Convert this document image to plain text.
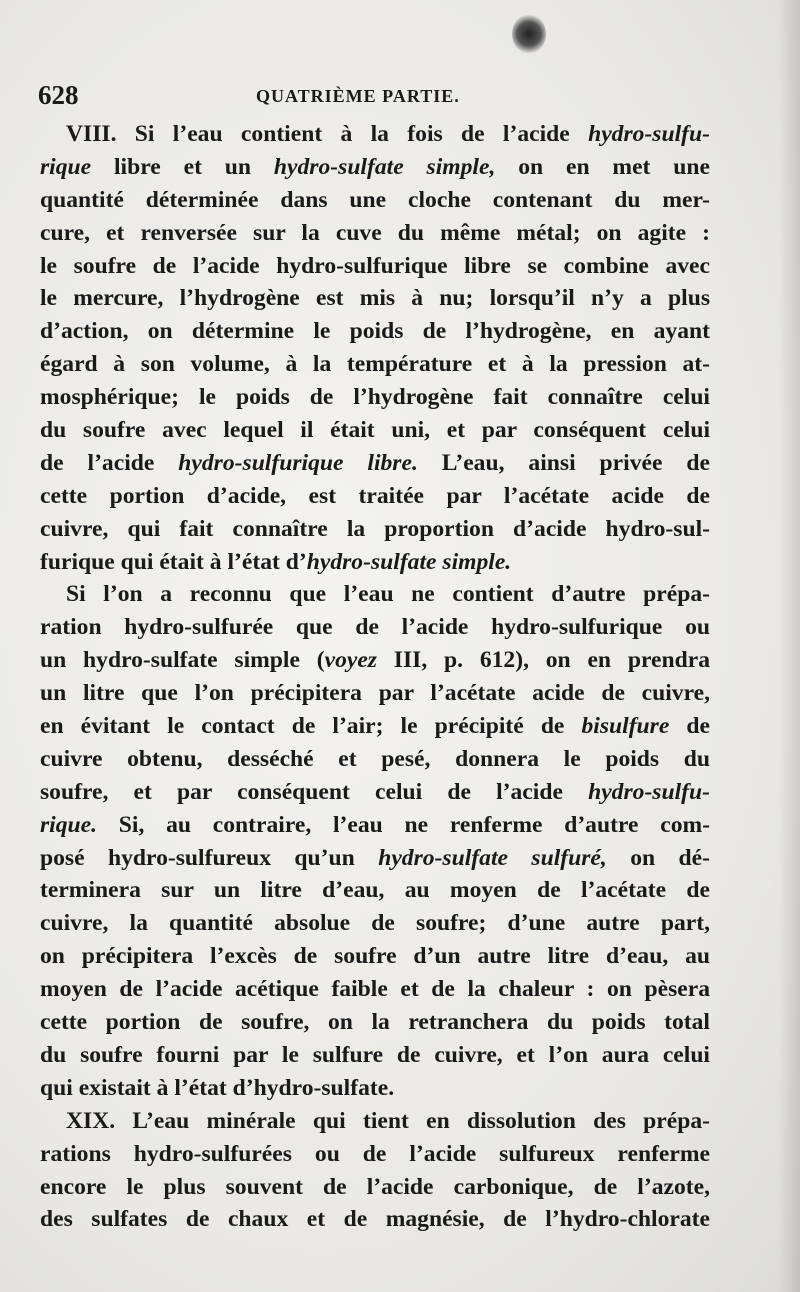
628	QUATRIÈME PARTIE.
VIII. Si l’eau contient à la fois de l’acide hydro-sulfu-
rique libre et un hydro-sulfate simple, on en met une
quantité déterminée dans une cloche contenant du mer-
cure, et renversée sur la cuve du même métal; on agite :
le soufre de l’acide hydro-sulfurique libre se combine avec
le mercure, l’hydrogène est mis à nu; lorsqu’il n’y a plus
d’action, on détermine le poids de l’hydrogène, en ayant
égard à son volume, à la température et à la pression at-
mosphérique; le poids de l’hydrogène fait connaître celui
du soufre avec lequel il était uni, et par conséquent celui
de l’acide hydro-sulfurique libre. L’eau, ainsi privée de
cette portion d’acide, est traitée par l’acétate acide de
cuivre, qui fait connaître la proportion d’acide hydro-sul-
furique qui était à l’état d’hydro-sulfate simple.
Si l’on a reconnu que l’eau ne contient d’autre prépa-
ration hydro-sulfurée que de l’acide hydro-sulfurique ou
un hydro-sulfate simple (voyez III, p. 612), on en prendra
un litre que l’on précipitera par l’acétate acide de cuivre,
en évitant le contact de l’air; le précipité de bisulfure de
cuivre obtenu, desséché et pesé, donnera le poids du
soufre, et par conséquent celui de l’acide hydro-sulfu-
rique. Si, au contraire, l’eau ne renferme d’autre com-
posé hydro-sulfureux qu’un hydro-sulfate sulfuré, on dé-
terminera sur un litre d’eau, au moyen de l’acétate de
cuivre, la quantité absolue de soufre; d’une autre part,
on précipitera l’excès de soufre d’un autre litre d’eau, au
moyen de l’acide acétique faible et de la chaleur : on pèsera
cette portion de soufre, on la retranchera du poids total
du soufre fourni par le sulfure de cuivre, et l’on aura celui
qui existait à l’état d’hydro-sulfate.
XIX. L’eau minérale qui tient en dissolution des prépa-
rations hydro-sulfurées ou de l’acide sulfureux renferme
encore le plus souvent de l’acide carbonique, de l’azote,
des sulfates de chaux et de magnésie, de l’hydro-chlorate
